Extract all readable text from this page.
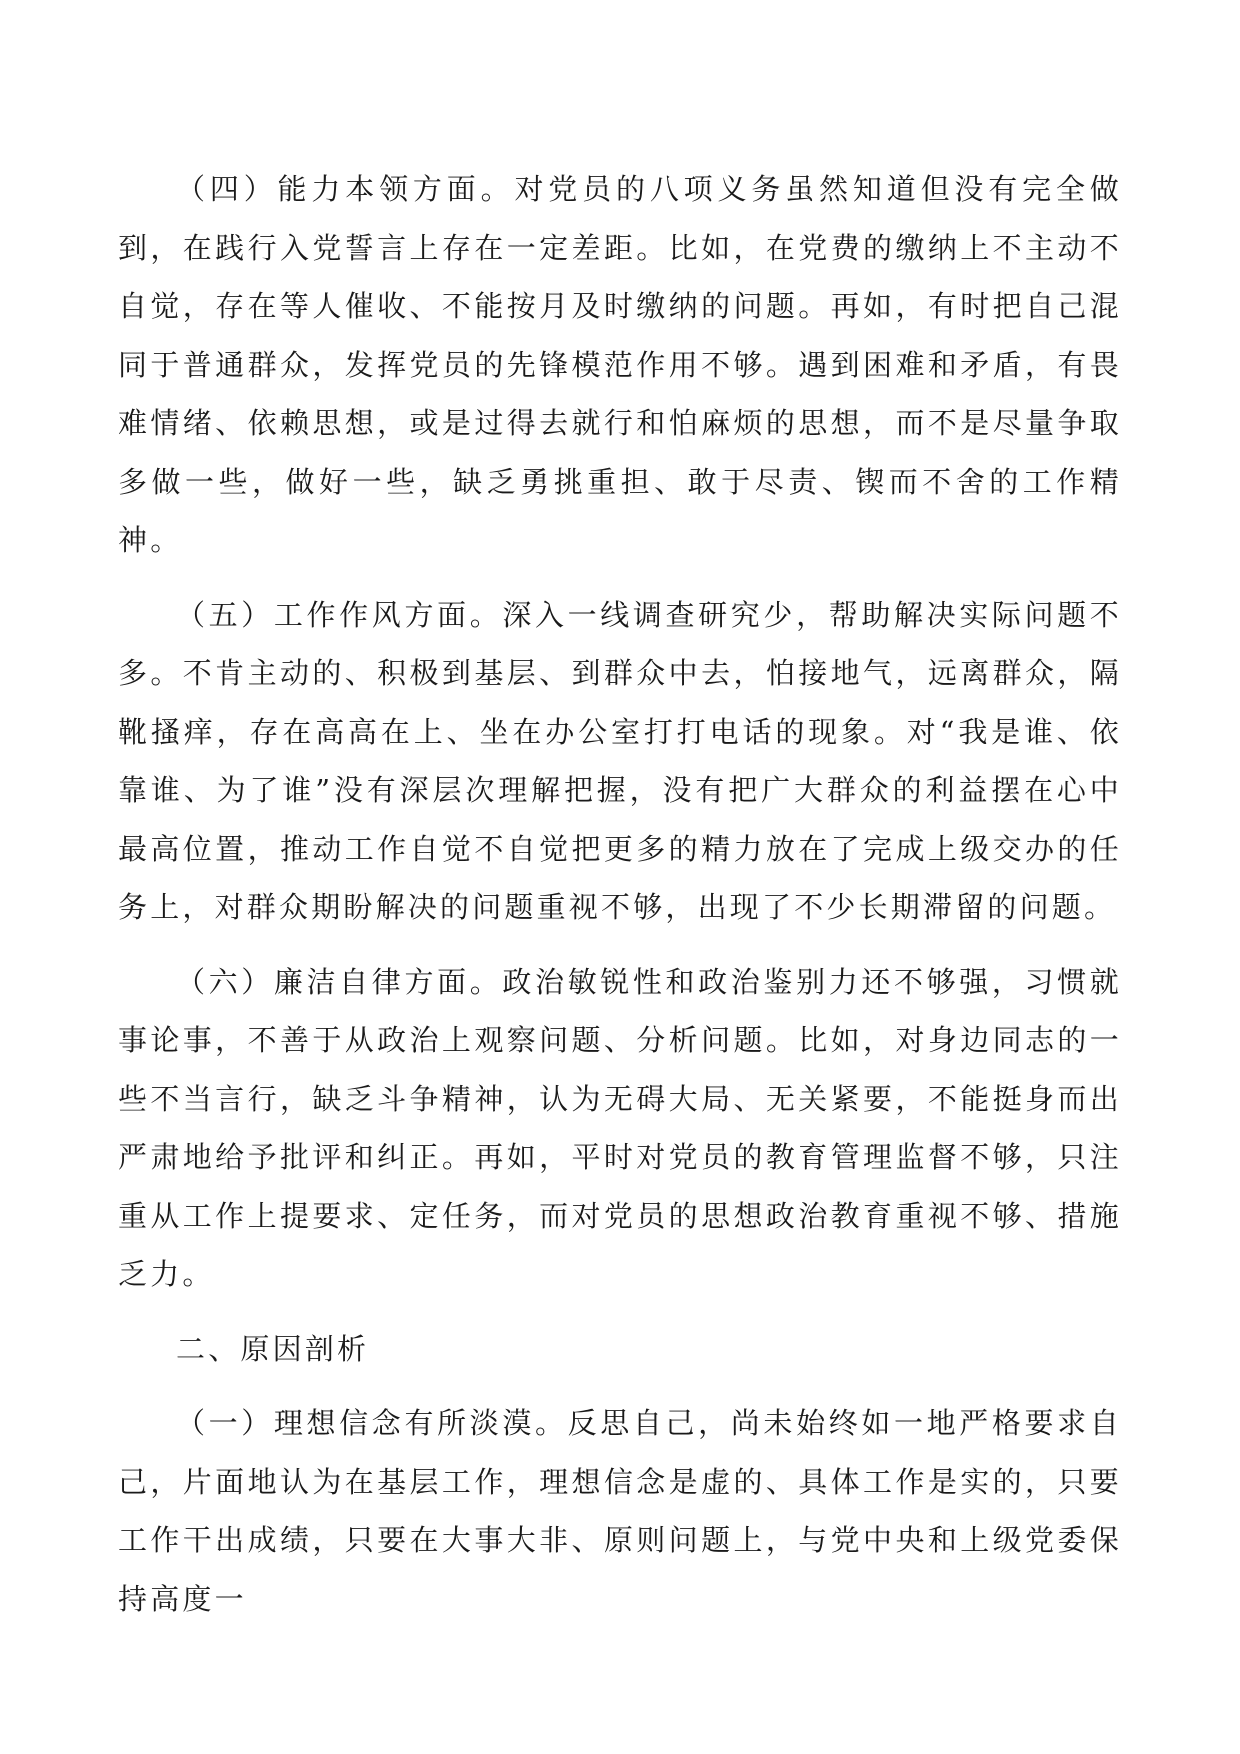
（四）能力本领方面。对党员的八项义务虽然知道但没有完全做到，在践行入党誓言上存在一定差距。比如，在党费的缴纳上不主动不自觉，存在等人催收、不能按月及时缴纳的问题。再如，有时把自己混同于普通群众，发挥党员的先锋模范作用不够。遇到困难和矛盾，有畏难情绪、依赖思想，或是过得去就行和怕麻烦的思想，而不是尽量争取多做一些，做好一些，缺乏勇挑重担、敢于尽责、锲而不舍的工作精神。

（五）工作作风方面。深入一线调查研究少，帮助解决实际问题不多。不肯主动的、积极到基层、到群众中去，怕接地气，远离群众，隔靴搔痒，存在高高在上、坐在办公室打打电话的现象。对“我是谁、依靠谁、为了谁”没有深层次理解把握，没有把广大群众的利益摆在心中最高位置，推动工作自觉不自觉把更多的精力放在了完成上级交办的任务上，对群众期盼解决的问题重视不够，出现了不少长期滞留的问题。

（六）廉洁自律方面。政治敏锐性和政治鉴别力还不够强，习惯就事论事，不善于从政治上观察问题、分析问题。比如，对身边同志的一些不当言行，缺乏斗争精神，认为无碍大局、无关紧要，不能挺身而出严肃地给予批评和纠正。再如，平时对党员的教育管理监督不够，只注重从工作上提要求、定任务，而对党员的思想政治教育重视不够、措施乏力。

二、原因剖析

（一）理想信念有所淡漠。反思自己，尚未始终如一地严格要求自己，片面地认为在基层工作，理想信念是虚的、具体工作是实的，只要工作干出成绩，只要在大事大非、原则问题上，与党中央和上级党委保持高度一
